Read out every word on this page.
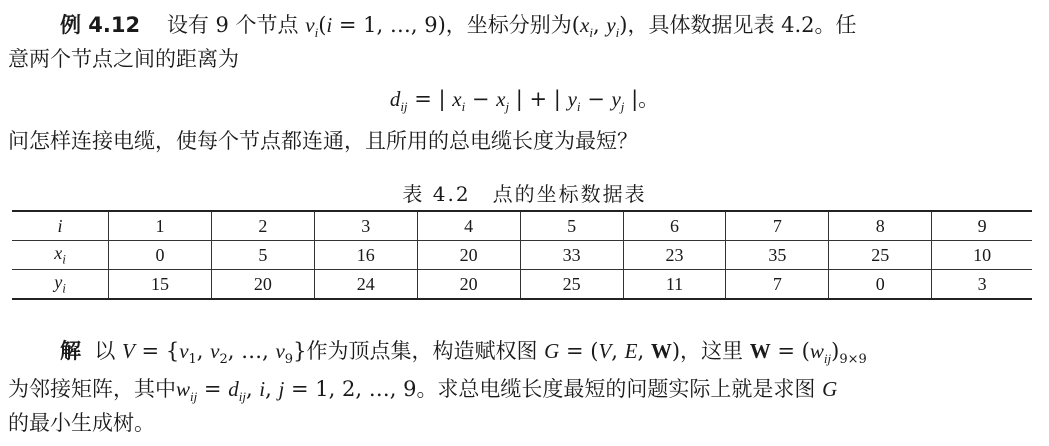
例 4.12 设有 9 个节点 $v_i(i = 1$, …, 9)，坐标分别为($x_i$, $y_i$)，具体数据见表 4.2。任
意两个节点之间的距离为
$d_{ij}$ = | $x_i - x_j$ | + | $y_i - y_j$ |。
问怎样连接电缆，使每个节点都连通，且所用的总电缆长度为最短？
表 4.2　点的坐标数据表
i	1	2	3	4	5	6	7	8	9
$x_i$	0	5	16	20	33	23	35	25	10
$y_i$	15	20	24	20	25	11	7	0	3
解 以 $V = \{v_1$, $v_2$, …, $v_9$}作为顶点集，构造赋权图 G = (V, E, W)，这里 $W = (w_{ij})_{9\times 9}$
为邻接矩阵，其中$w_{ij} = d_{ij}$, i, j = 1, 2, …, 9。求总电缆长度最短的问题实际上就是求图 G
的最小生成树。
